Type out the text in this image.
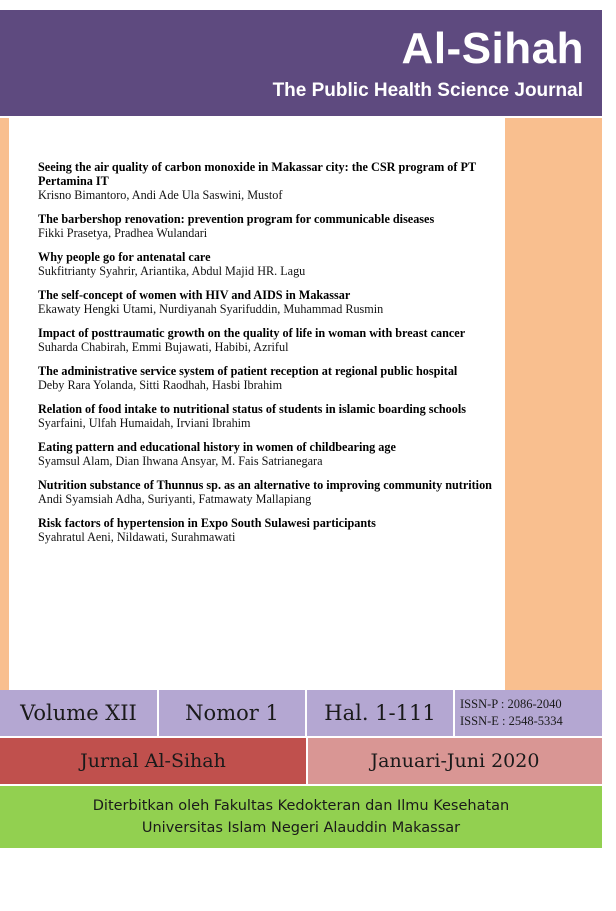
Al-Sihah
The Public Health Science Journal
Seeing the air quality of carbon monoxide in Makassar city: the CSR program of PT Pertamina IT
Krisno Bimantoro, Andi Ade Ula Saswini, Mustof
The barbershop renovation: prevention program for communicable diseases
Fikki Prasetya, Pradhea Wulandari
Why people go for antenatal care
Sukfitrianty Syahrir, Ariantika, Abdul Majid HR. Lagu
The self-concept of women with HIV and AIDS in Makassar
Ekawaty Hengki Utami, Nurdiyanah Syarifuddin, Muhammad Rusmin
Impact of posttraumatic growth on the quality of life in woman with breast cancer
Suharda Chabirah, Emmi Bujawati, Habibi, Azriful
The administrative service system of patient reception at regional public hospital
Deby Rara Yolanda, Sitti Raodhah, Hasbi Ibrahim
Relation of food intake to nutritional status of students in islamic boarding schools
Syarfaini, Ulfah Humaidah, Irviani Ibrahim
Eating pattern and educational history in women of childbearing age
Syamsul Alam, Dian Ihwana Ansyar, M. Fais Satrianegara
Nutrition substance of Thunnus sp. as an alternative to improving community nutrition
Andi Syamsiah Adha, Suriyanti, Fatmawaty Mallapiang
Risk factors of hypertension in Expo South Sulawesi participants
Syahratul Aeni, Nildawati, Surahmawati
Volume XII	Nomor 1	Hal. 1-111	ISSN-P : 2086-2040
ISSN-E : 2548-5334
Jurnal Al-Sihah	Januari-Juni 2020
Diterbitkan oleh Fakultas Kedokteran dan Ilmu Kesehatan
Universitas Islam Negeri Alauddin Makassar
